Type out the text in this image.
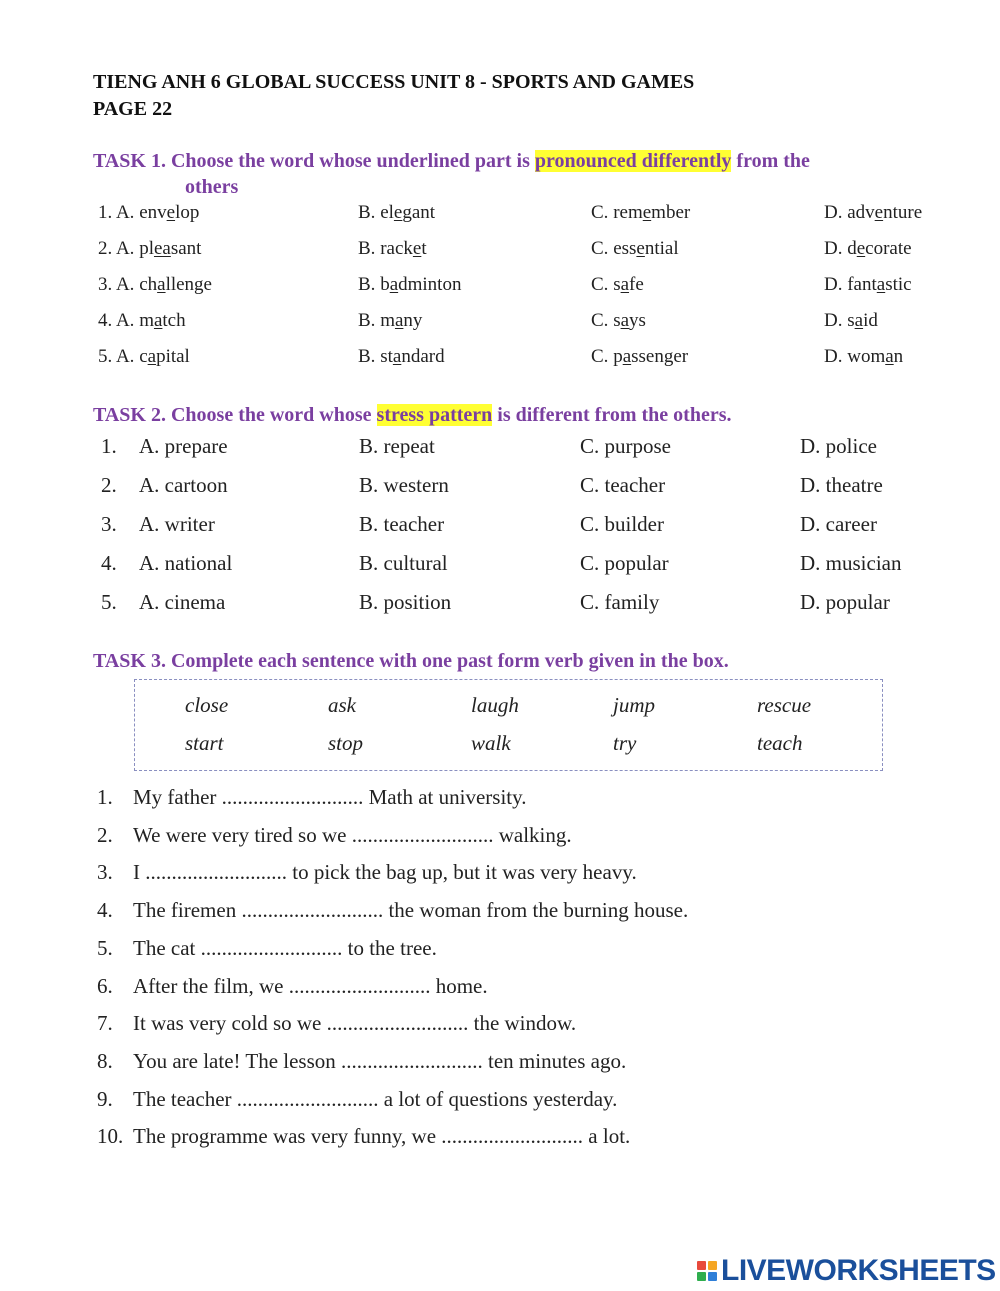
TIENG ANH 6 GLOBAL SUCCESS UNIT 8 - SPORTS AND GAMES
PAGE 22
TASK 1. Choose the word whose underlined part is pronounced differently from the
others
1. A. envelop	B. elegant	C. remember	D. adventure
2. A. pleasant	B. racket	C. essential	D. decorate
3. A. challenge	B. badminton	C. safe	D. fantastic
4. A. match	B. many	C. says	D. said
5. A. capital	B. standard	C. passenger	D. woman
TASK 2. Choose the word whose stress pattern is different from the others.
1. A. prepare	B. repeat	C. purpose	D. police
2. A. cartoon	B. western	C. teacher	D. theatre
3. A. writer	B. teacher	C. builder	D. career
4. A. national	B. cultural	C. popular	D. musician
5. A. cinema	B. position	C. family	D. popular
TASK 3. Complete each sentence with one past form verb given in the box.
close	ask	laugh	jump	rescue
start	stop	walk	try	teach
1. My father ........................... Math at university.
2. We were very tired so we ........................... walking.
3. I ........................... to pick the bag up, but it was very heavy.
4. The firemen ........................... the woman from the burning house.
5. The cat ........................... to the tree.
6. After the film, we ........................... home.
7. It was very cold so we ........................... the window.
8. You are late! The lesson ........................... ten minutes ago.
9. The teacher ........................... a lot of questions yesterday.
10. The programme was very funny, we ........................... a lot.
LIVEWORKSHEETS
